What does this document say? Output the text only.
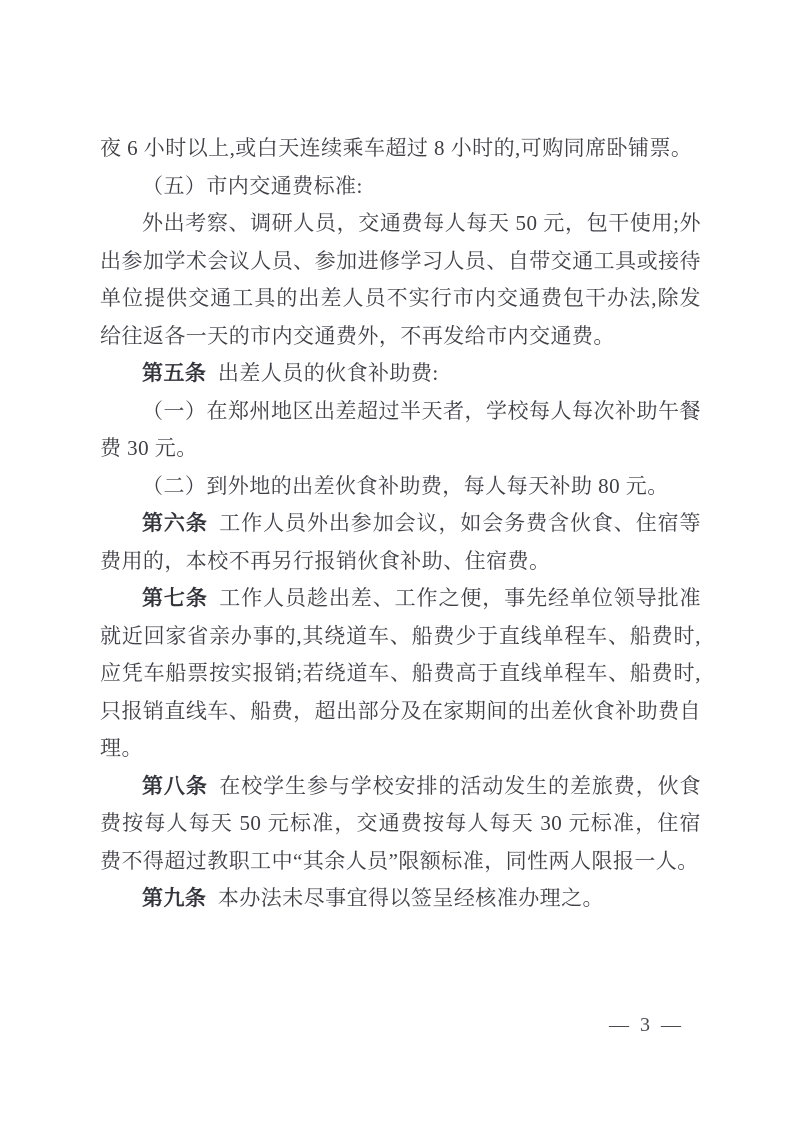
夜 6 小时以上,或白天连续乘车超过 8 小时的,可购同席卧铺票。

（五）市内交通费标准:

外出考察、调研人员，交通费每人每天 50 元，包干使用;外出参加学术会议人员、参加进修学习人员、自带交通工具或接待单位提供交通工具的出差人员不实行市内交通费包干办法,除发给往返各一天的市内交通费外，不再发给市内交通费。

第五条 出差人员的伙食补助费:

（一）在郑州地区出差超过半天者，学校每人每次补助午餐费 30 元。

（二）到外地的出差伙食补助费，每人每天补助 80 元。

第六条 工作人员外出参加会议，如会务费含伙食、住宿等费用的，本校不再另行报销伙食补助、住宿费。

第七条 工作人员趁出差、工作之便，事先经单位领导批准就近回家省亲办事的,其绕道车、船费少于直线单程车、船费时,应凭车船票按实报销;若绕道车、船费高于直线单程车、船费时,只报销直线车、船费，超出部分及在家期间的出差伙食补助费自理。

第八条 在校学生参与学校安排的活动发生的差旅费，伙食费按每人每天 50 元标准，交通费按每人每天 30 元标准，住宿费不得超过教职工中“其余人员”限额标准，同性两人限报一人。

第九条 本办法未尽事宜得以签呈经核准办理之。

— 3 —
